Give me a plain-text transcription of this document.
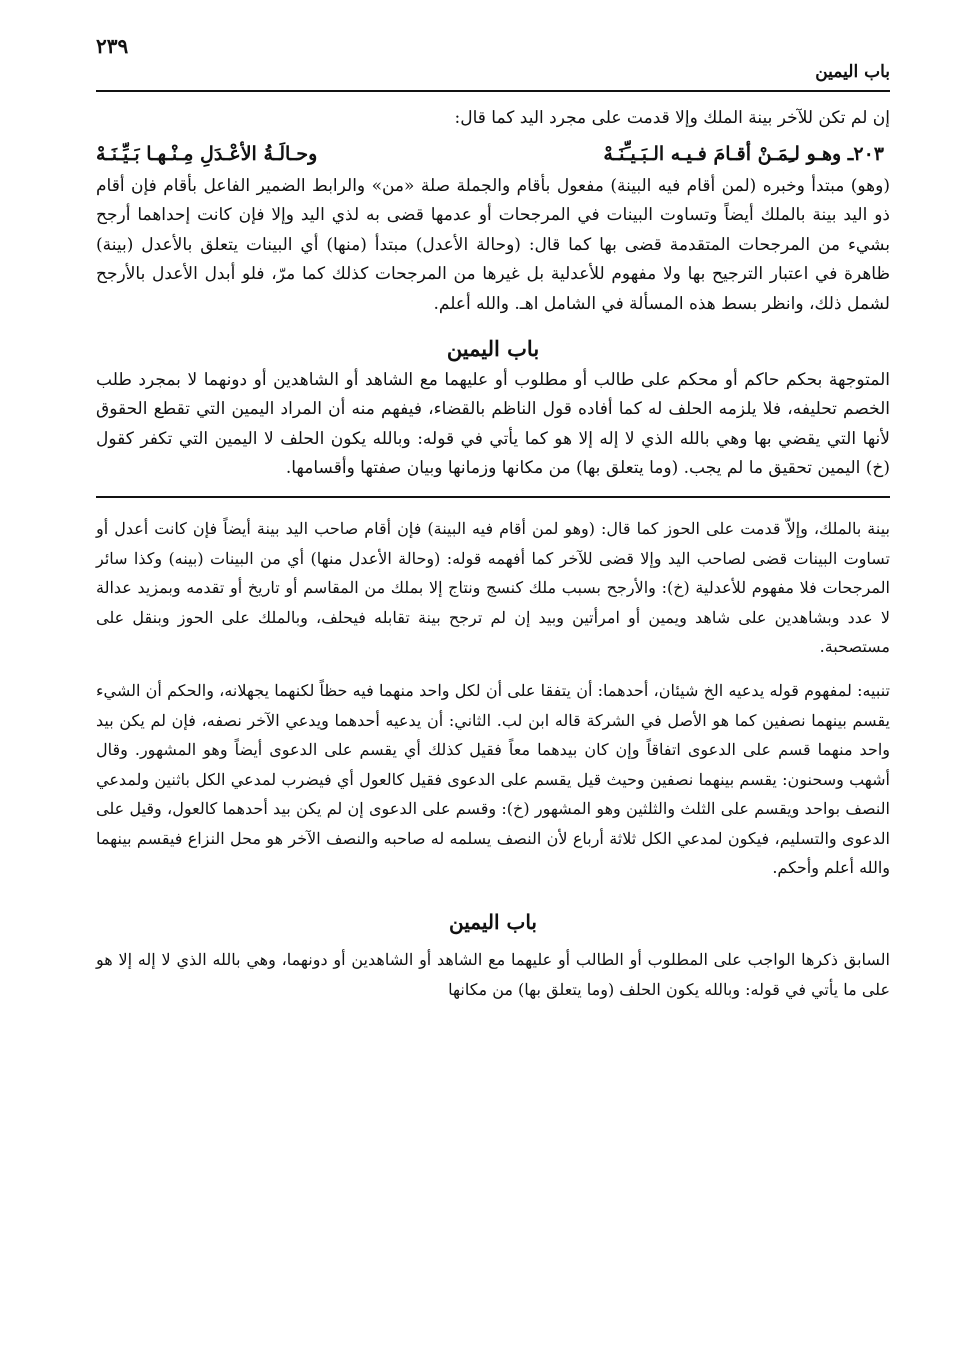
٢٣٩
باب اليمين

إن لم تكن للآخر بينة الملك وإلا قدمت على مجرد اليد كما قال:

٢٠٣ـ وهـو لـِمَـنْ أقـامَ فـيـه الـبَـيـِّنَـهْ
وحـالَـةُ الأعْـدَلِ مِـنْـهـا بَـيِّـنَـهْ

(وهو) مبتدأ وخبره (لمن أقام فيه البينة) مفعول بأقام والجملة صلة «من» والرابط الضمير الفاعل بأقام فإن أقام ذو اليد بينة بالملك أيضاً وتساوت البينات في المرجحات أو عدمها قضى به لذي اليد وإلا فإن كانت إحداهما أرجح بشيء من المرجحات المتقدمة قضى بها كما قال: (وحالة الأعدل) مبتدأ (منها) أي البينات يتعلق بالأعدل (بينة) ظاهرة في اعتبار الترجيح بها ولا مفهوم للأعدلية بل غيرها من المرجحات كذلك كما مرّ، فلو أبدل الأعدل بالأرجح لشمل ذلك، وانظر بسط هذه المسألة في الشامل اهـ. والله أعلم.

باب اليمين

المتوجهة بحكم حاكم أو محكم على طالب أو مطلوب أو عليهما مع الشاهد أو الشاهدين أو دونهما لا بمجرد طلب الخصم تحليفه، فلا يلزمه الحلف له كما أفاده قول الناظم بالقضاء، فيفهم منه أن المراد اليمين التي تقطع الحقوق لأنها التي يقضي بها وهي بالله الذي لا إله إلا هو كما يأتي في قوله: وبالله يكون الحلف لا اليمين التي تكفر كقول (خ) اليمين تحقيق ما لم يجب. (وما يتعلق بها) من مكانها وزمانها وبيان صفتها وأقسامها.

بينة بالملك، وإلاّ قدمت على الحوز كما قال: (وهو لمن أقام فيه البينة) فإن أقام صاحب اليد بينة أيضاً فإن كانت أعدل أو تساوت البينات قضى لصاحب اليد وإلا قضى للآخر كما أفهمه قوله: (وحالة الأعدل منها) أي من البينات (بينه) وكذا سائر المرجحات فلا مفهوم للأعدلية (خ): والأرجح بسبب ملك كنسج ونتاج إلا بملك من المقاسم أو تاريخ أو تقدمه وبمزيد عدالة لا عدد وبشاهدين على شاهد ويمين أو امرأتين وبيد إن لم ترجح بينة تقابله فيحلف، وبالملك على الحوز وبنقل على مستصحبة.

تنبيه: لمفهوم قوله يدعيه الخ شيئان، أحدهما: أن يتفقا على أن لكل واحد منهما فيه حظاً لكنهما يجهلانه، والحكم أن الشيء يقسم بينهما نصفين كما هو الأصل في الشركة قاله ابن لب. الثاني: أن يدعيه أحدهما ويدعي الآخر نصفه، فإن لم يكن بيد واحد منهما قسم على الدعوى اتفاقاً وإن كان بيدهما معاً فقيل كذلك أي يقسم على الدعوى أيضاً وهو المشهور. وقال أشهب وسحنون: يقسم بينهما نصفين وحيث قيل يقسم على الدعوى فقيل كالعول أي فيضرب لمدعي الكل باثنين ولمدعي النصف بواحد ويقسم على الثلث والثلثين وهو المشهور (خ): وقسم على الدعوى إن لم يكن بيد أحدهما كالعول، وقيل على الدعوى والتسليم، فيكون لمدعي الكل ثلاثة أرباع لأن النصف يسلمه له صاحبه والنصف الآخر هو محل النزاع فيقسم بينهما والله أعلم وأحكم.

باب اليمين

السابق ذكرها الواجب على المطلوب أو الطالب أو عليهما مع الشاهد أو الشاهدين أو دونهما، وهي بالله الذي لا إله إلا هو على ما يأتي في قوله: وبالله يكون الحلف (وما يتعلق بها) من مكانها
